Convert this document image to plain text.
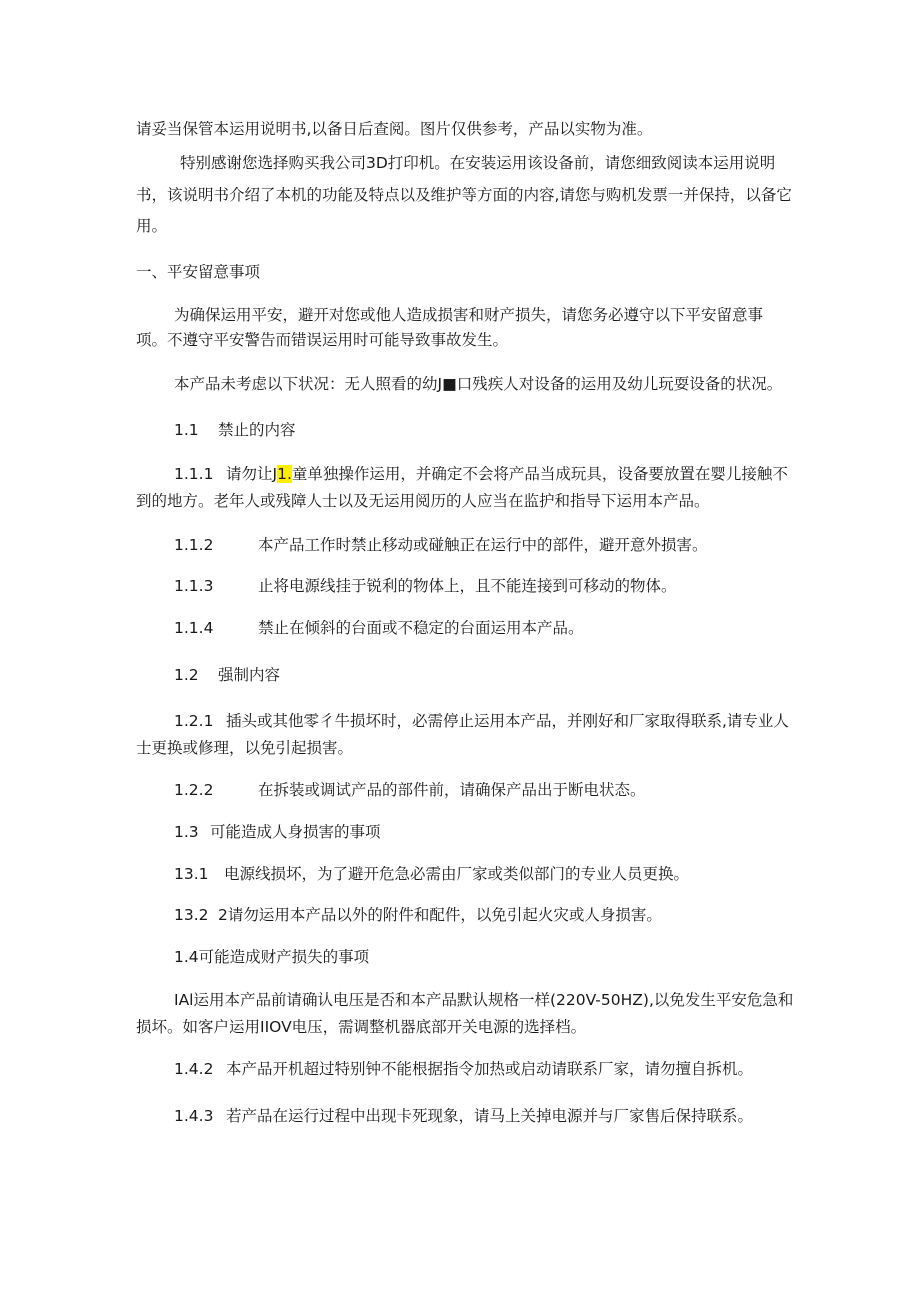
请妥当保管本运用说明书,以备日后查阅。图片仅供参考，产品以实物为准。
特别感谢您选择购买我公司3D打印机。在安装运用该设备前，请您细致阅读本运用说明
书，该说明书介绍了本机的功能及特点以及维护等方面的内容,请您与购机发票一并保持，以备它
用。
一、平安留意事项
为确保运用平安，避开对您或他人造成损害和财产损失，请您务必遵守以下平安留意事
项。不遵守平安警告而错误运用时可能导致事故发生。
本产品未考虑以下状况：无人照看的幼J■口残疾人对设备的运用及幼儿玩耍设备的状况。
1.1 禁止的内容
1.1.1 请勿让J1.童单独操作运用，并确定不会将产品当成玩具，设备要放置在婴儿接触不
到的地方。老年人或残障人士以及无运用阅历的人应当在监护和指导下运用本产品。
1.1.2	本产品工作时禁止移动或碰触正在运行中的部件，避开意外损害。
1.1.3	止将电源线挂于锐利的物体上，且不能连接到可移动的物体。
1.1.4	禁止在倾斜的台面或不稳定的台面运用本产品。
1.2 强制内容
1.2.1 插头或其他零彳牛损坏时，必需停止运用本产品，并刚好和厂家取得联系,请专业人
士更换或修理，以免引起损害。
1.2.2	在拆装或调试产品的部件前，请确保产品出于断电状态。
1.3 可能造成人身损害的事项
13.1 电源线损坏，为了避开危急必需由厂家或类似部门的专业人员更换。
13.2 2请勿运用本产品以外的附件和配件，以免引起火灾或人身损害。
1.4可能造成财产损失的事项
IAl运用本产品前请确认电压是否和本产品默认规格一样(220V-50HZ),以免发生平安危急和
损坏。如客户运用IIOV电压，需调整机器底部开关电源的选择档。
1.4.2 本产品开机超过特别钟不能根据指令加热或启动请联系厂家，请勿擅自拆机。
1.4.3 若产品在运行过程中出现卡死现象，请马上关掉电源并与厂家售后保持联系。
